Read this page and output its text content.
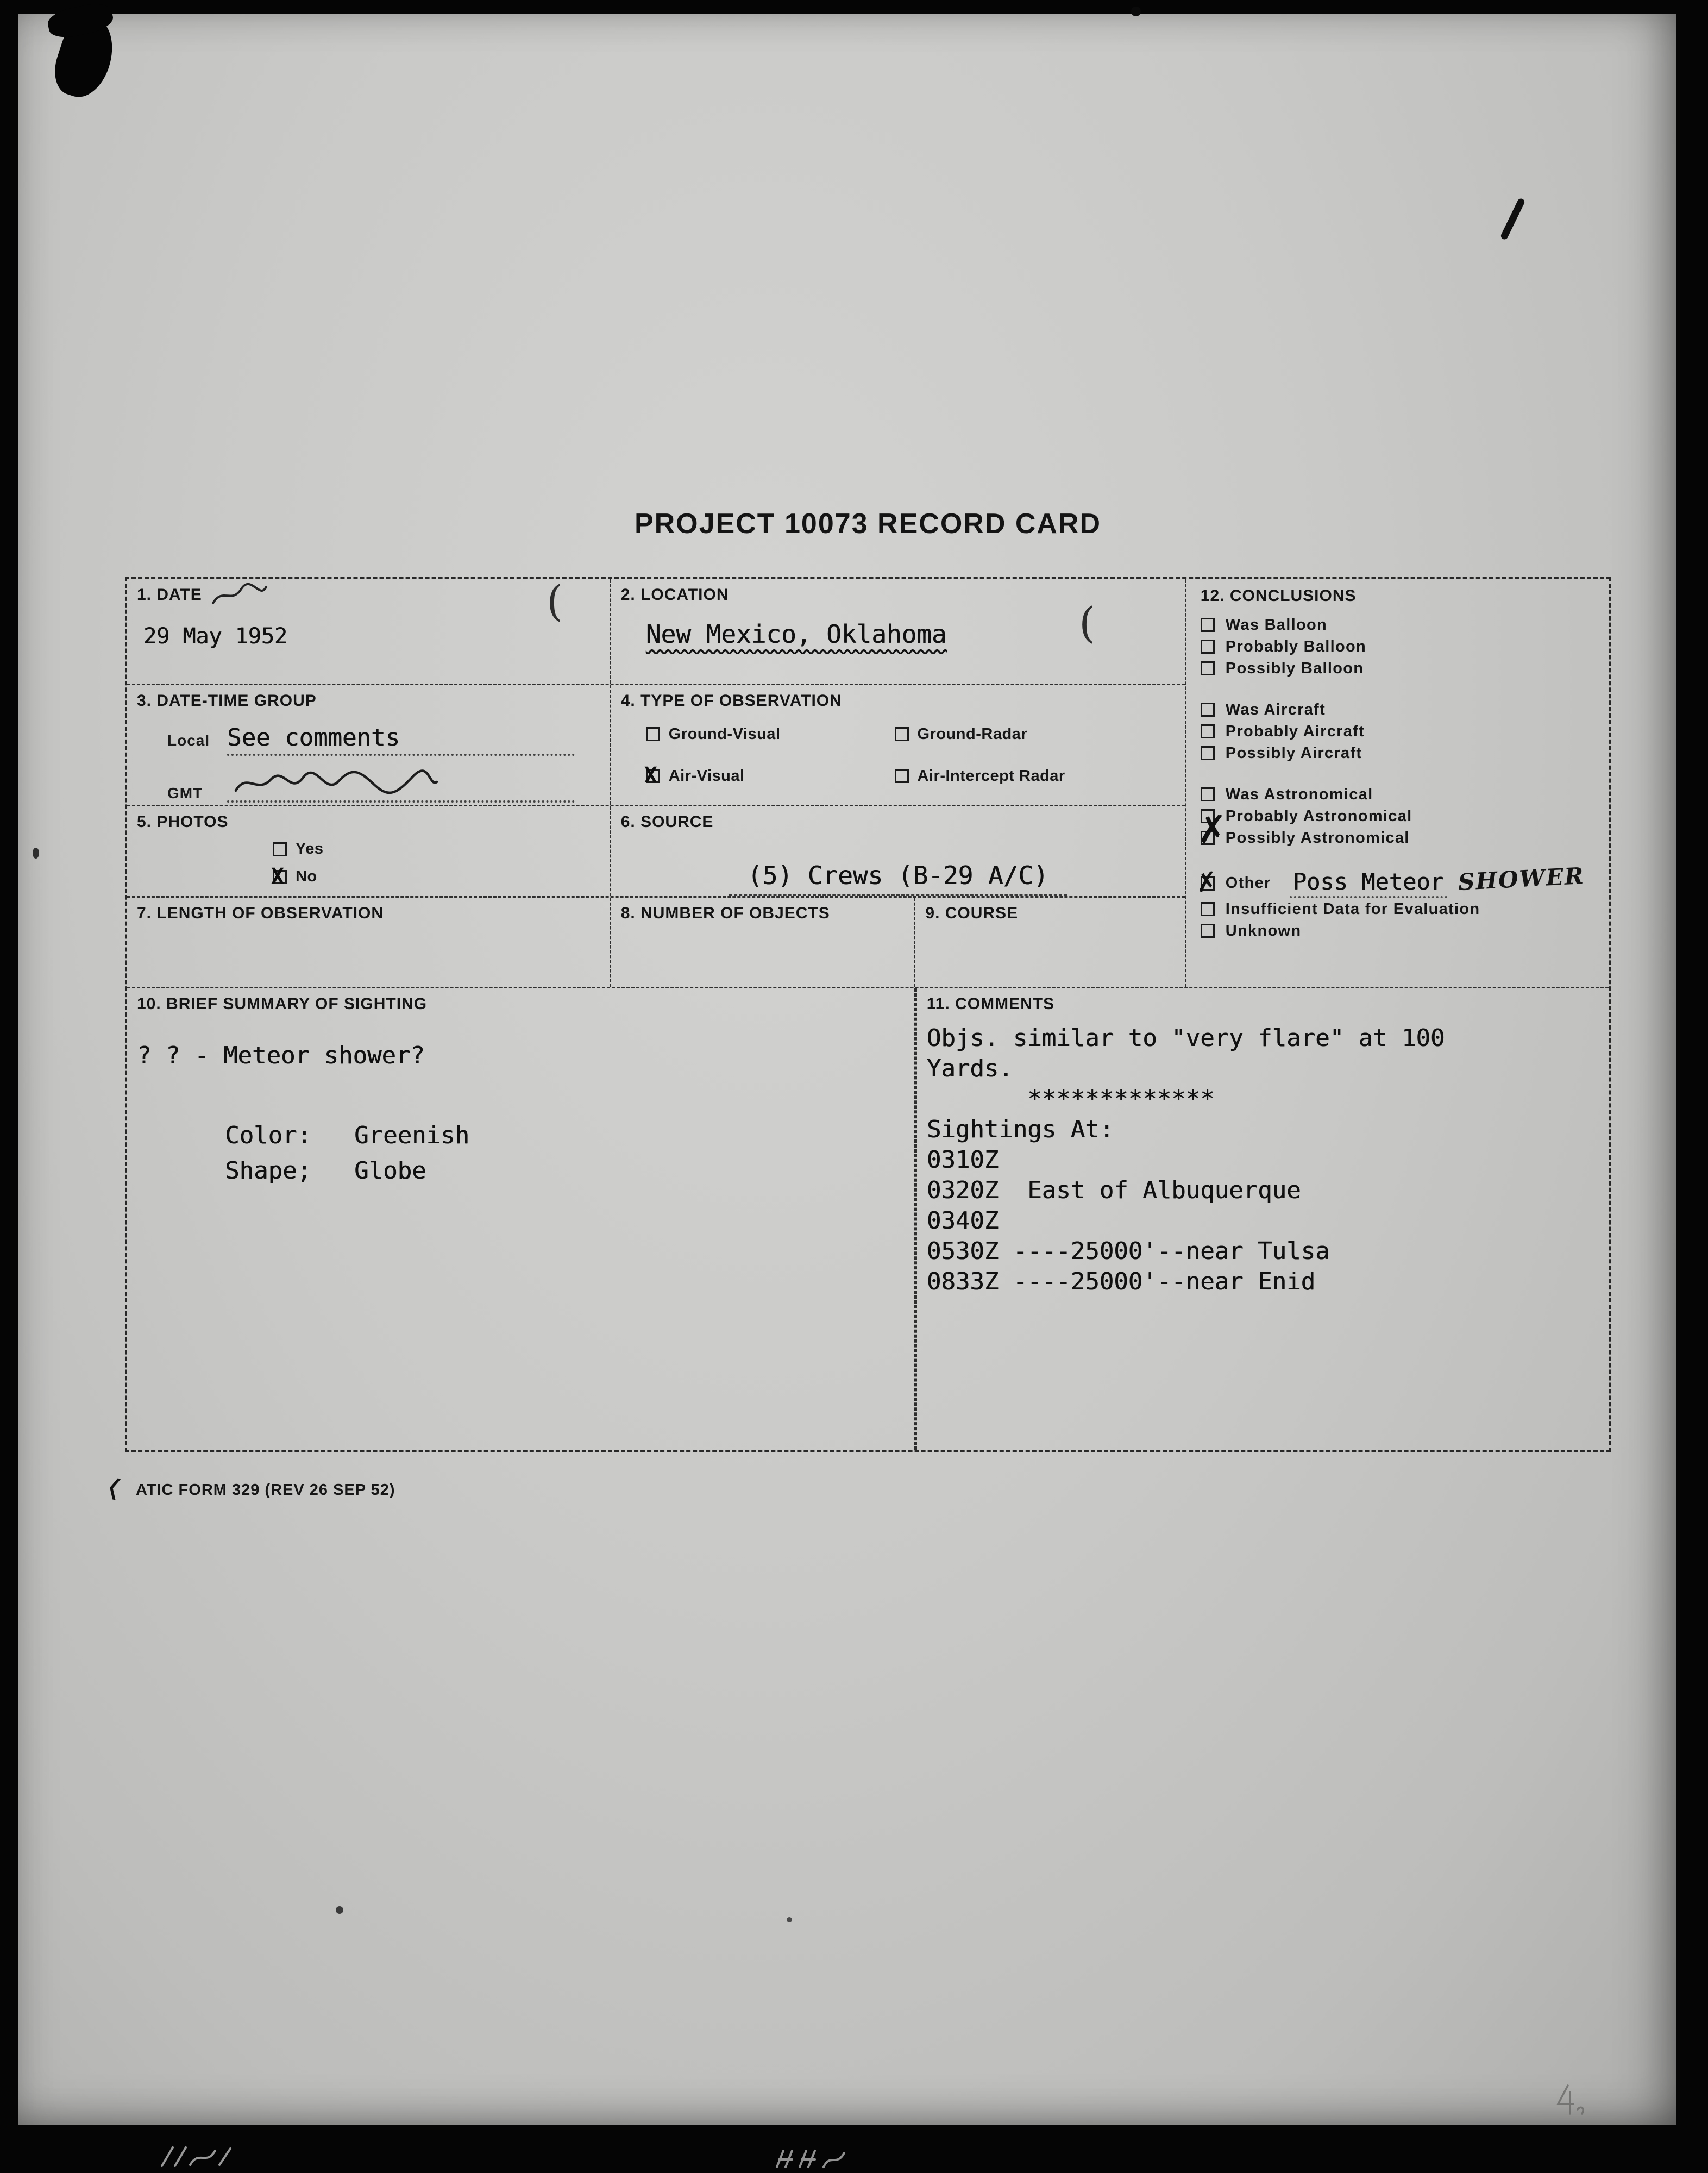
PROJECT 10073 RECORD CARD
1. DATE
29 May 1952
2. LOCATION
New Mexico, Oklahoma
3. DATE-TIME GROUP
Local See comments
GMT
4. TYPE OF OBSERVATION
Ground-Visual	Ground-Radar
X
Air-Visual	Air-Intercept Radar
5. PHOTOS
Yes
X
No
6. SOURCE
(5) Crews (B-29 A/C)
7. LENGTH OF OBSERVATION	8. NUMBER OF OBJECTS	9. COURSE
12. CONCLUSIONS
Was Balloon
Probably Balloon
Possibly Balloon
Was Aircraft
Probably Aircraft
Possibly Aircraft
Was Astronomical
Probably Astronomical
✗
Possibly Astronomical
✗
Other Poss Meteor SHOWER
Insufficient Data for Evaluation
Unknown
10. BRIEF SUMMARY OF SIGHTING
? ? - Meteor shower?
Color:	Greenish
Shape;	Globe
11. COMMENTS
Objs. similar to "very flare" at 100
Yards.
*************
Sightings At:
0310Z
0320Z  East of Albuquerque
0340Z
0530Z ----25000'--near Tulsa
0833Z ----25000'--near Enid
❬ ATIC FORM 329 (REV 26 SEP 52)
(	(
